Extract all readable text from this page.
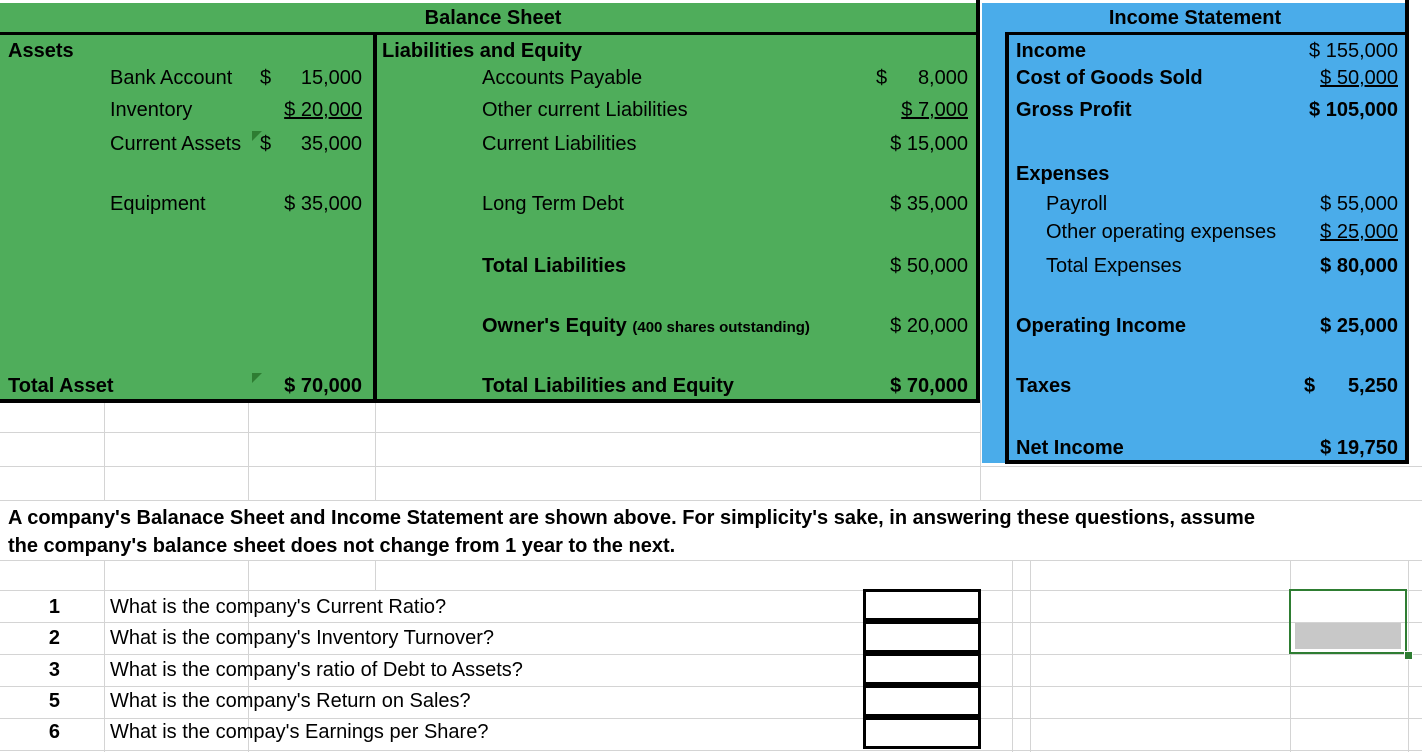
Balance Sheet
Assets
Bank Account $	15,000
Inventory	$ 20,000
Current Assets $	35,000
Equipment	$ 35,000
Total Asset	$ 70,000
Liabilities and Equity
Accounts Payable	$	8,000
Other current Liabilities	$ 7,000
Current Liabilities	$ 15,000
Long Term Debt	$ 35,000
Total Liabilities	$ 50,000
Owner's Equity (400 shares outstanding)	$ 20,000
Total Liabilities and Equity	$ 70,000
Income Statement
Income	$ 155,000
Cost of Goods Sold	$ 50,000
Gross Profit	$ 105,000
Expenses
Payroll	$ 55,000
Other operating expenses	$ 25,000
Total Expenses	$ 80,000
Operating Income	$ 25,000
Taxes	$	5,250
Net Income	$ 19,750
A company's Balanace Sheet and Income Statement are shown above. For simplicity's sake, in answering these questions, assume
the company's balance sheet does not change from 1 year to the next.
1	What is the company's Current Ratio?
2	What is the company's Inventory Turnover?
3	What is the company's ratio of Debt to Assets?
5	What is the company's Return on Sales?
6	What is the compay's Earnings per Share?
